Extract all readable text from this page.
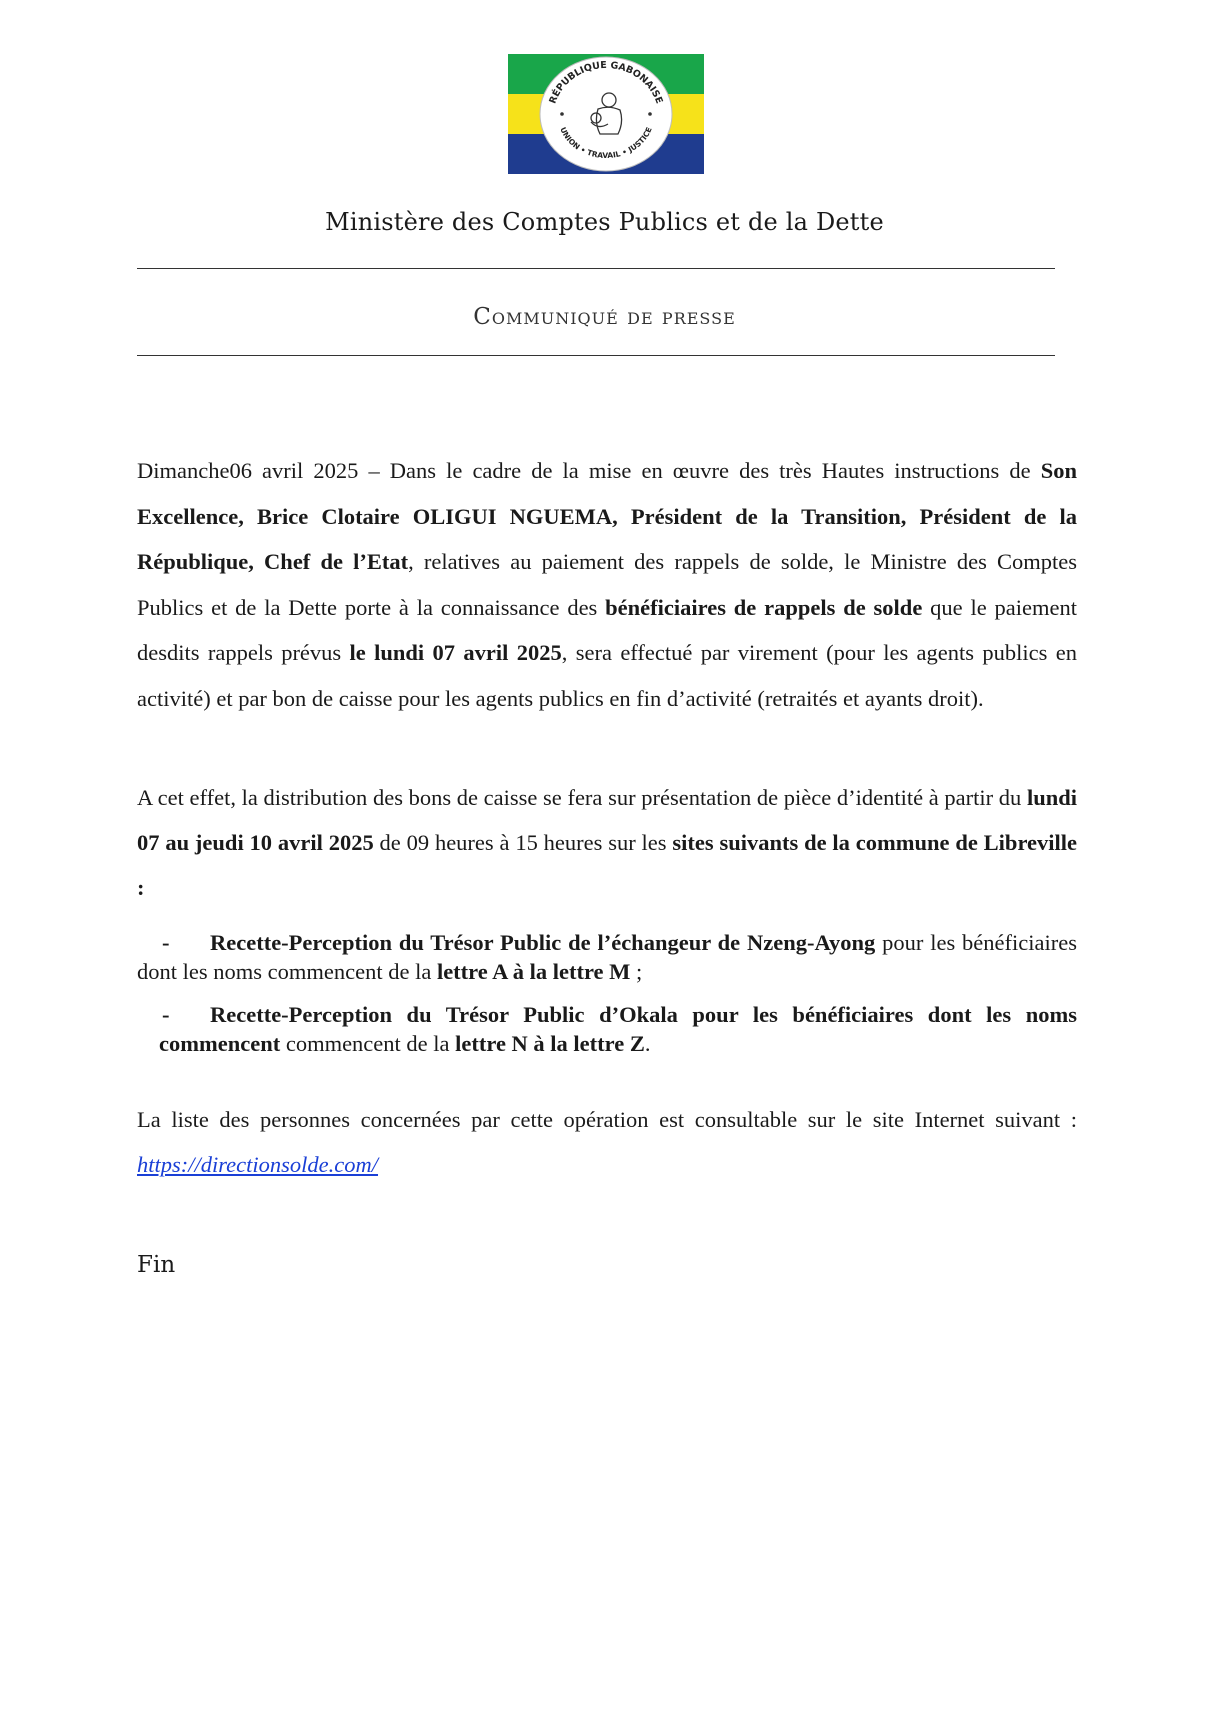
RÉPUBLIQUE GABONAISE
UNION • TRAVAIL • JUSTICE
Ministère des Comptes Publics et de la Dette
Communiqué de presse
Dimanche06 avril 2025 – Dans le cadre de la mise en œuvre des très Hautes instructions de Son Excellence, Brice Clotaire OLIGUI NGUEMA, Président de la Transition, Président de la République, Chef de l’Etat, relatives au paiement des rappels de solde, le Ministre des Comptes Publics et de la Dette porte à la connaissance des bénéficiaires de rappels de solde que le paiement desdits rappels prévus le lundi 07 avril 2025, sera effectué par virement (pour les agents publics en activité) et par bon de caisse pour les agents publics en fin d’activité (retraités et ayants droit).
A cet effet, la distribution des bons de caisse se fera sur présentation de pièce d’identité à partir du lundi 07 au jeudi 10 avril 2025 de 09 heures à 15 heures sur les sites suivants de la commune de Libreville :
- Recette-Perception du Trésor Public de l’échangeur de Nzeng-Ayong pour les bénéficiaires dont les noms commencent de la lettre A à la lettre M ;
- Recette-Perception du Trésor Public d’Okala pour les bénéficiaires dont les noms commencent commencent de la lettre N à la lettre Z.
La liste des personnes concernées par cette opération est consultable sur le site Internet suivant : https://directionsolde.com/
Fin
